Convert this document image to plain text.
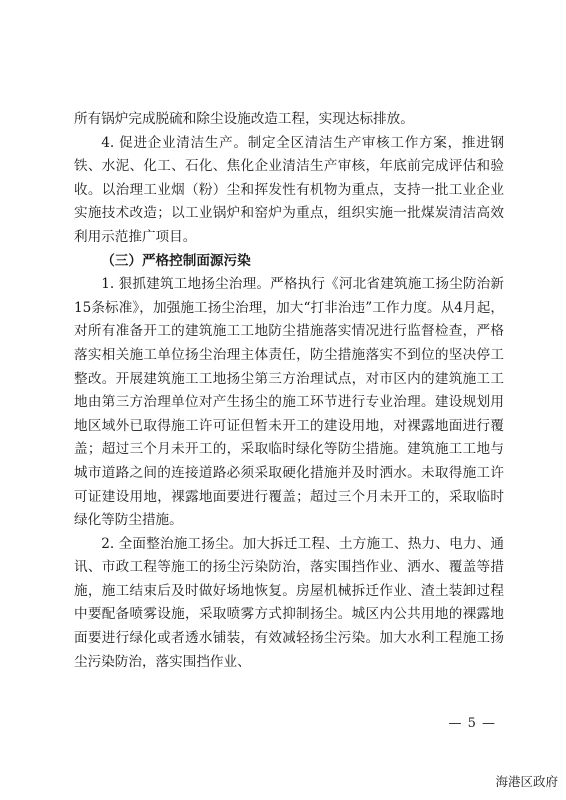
所有锅炉完成脱硫和除尘设施改造工程，实现达标排放。

4. 促进企业清洁生产。制定全区清洁生产审核工作方案，推进钢铁、水泥、化工、石化、焦化企业清洁生产审核，年底前完成评估和验收。以治理工业烟（粉）尘和挥发性有机物为重点，支持一批工业企业实施技术改造；以工业锅炉和窑炉为重点，组织实施一批煤炭清洁高效利用示范推广项目。

（三）严格控制面源污染

1. 狠抓建筑工地扬尘治理。严格执行《河北省建筑施工扬尘防治新15条标准》，加强施工扬尘治理，加大“打非治违”工作力度。从4月起，对所有准备开工的建筑施工工地防尘措施落实情况进行监督检查，严格落实相关施工单位扬尘治理主体责任，防尘措施落实不到位的坚决停工整改。开展建筑施工工地扬尘第三方治理试点，对市区内的建筑施工工地由第三方治理单位对产生扬尘的施工环节进行专业治理。建设规划用地区域外已取得施工许可证但暂未开工的建设用地，对裸露地面进行覆盖；超过三个月未开工的，采取临时绿化等防尘措施。建筑施工工地与城市道路之间的连接道路必须采取硬化措施并及时洒水。未取得施工许可证建设用地，裸露地面要进行覆盖；超过三个月未开工的，采取临时绿化等防尘措施。

2. 全面整治施工扬尘。加大拆迁工程、土方施工、热力、电力、通讯、市政工程等施工的扬尘污染防治，落实围挡作业、洒水、覆盖等措施，施工结束后及时做好场地恢复。房屋机械拆迁作业、渣土装卸过程中要配备喷雾设施，采取喷雾方式抑制扬尘。城区内公共用地的裸露地面要进行绿化或者透水铺装，有效减轻扬尘污染。加大水利工程施工扬尘污染防治，落实围挡作业、

— 5 —
海港区政府
